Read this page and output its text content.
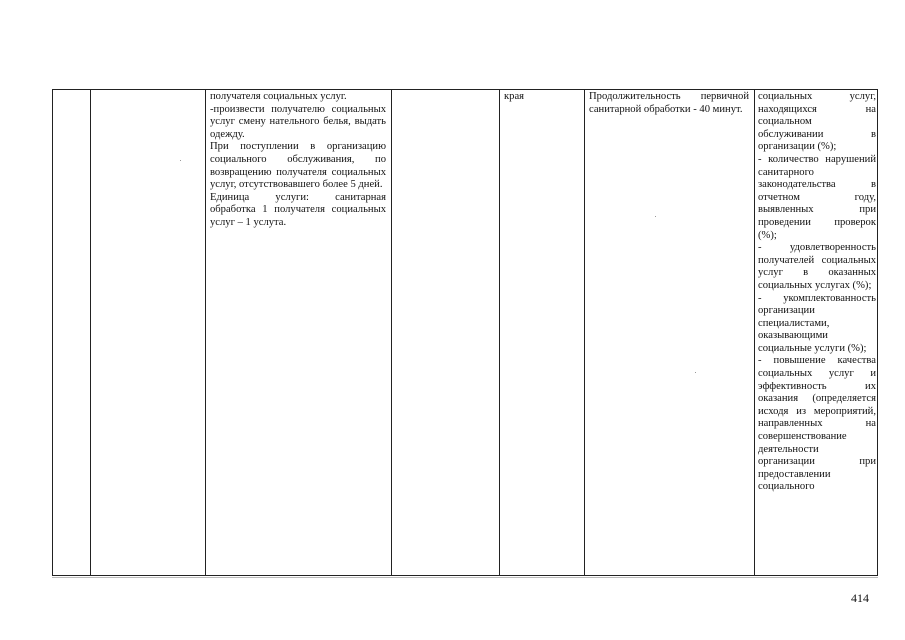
получателя социальных услуг.

-произвести получателю социальных услуг смену нательного белья, выдать одежду.

При поступлении в организацию социального обслуживания, по возвращению получателя социальных услуг, отсутствовавшего более 5 дней.

Единица услуги: санитарная обработка 1 получателя социальных услуг – 1 услута.

края	Продолжительность первичной санитарной обработки - 40 минут.

социальных услуг, находящихся на социальном обслуживании в организации (%);

- количество нарушений санитарного законодательства в отчетном году, выявленных при проведении проверок (%);

- удовлетворенность получателей социальных услуг в оказанных социальных услугах (%);

- укомплектованность организации специалистами, оказывающими социальные услуги (%);

- повышение качества социальных услуг и эффективность их оказания (определяется исходя из мероприятий, направленных на совершенствование деятельности организации при предоставлении социального

414
